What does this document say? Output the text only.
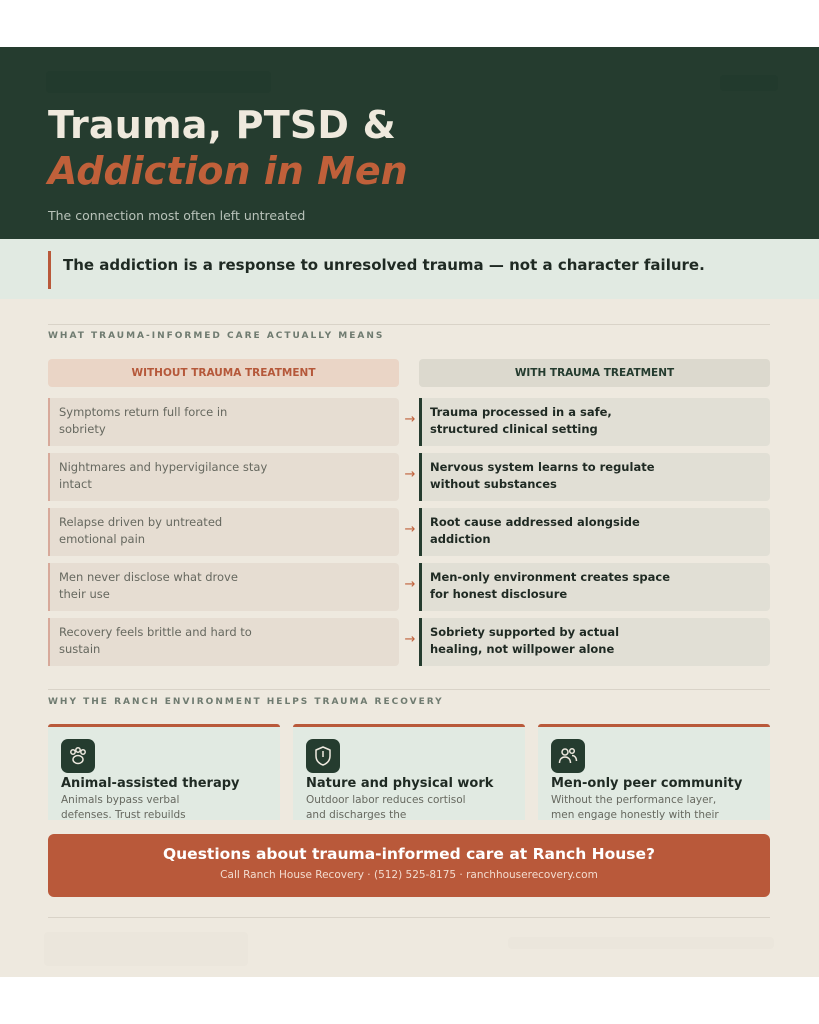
Trauma, PTSD &
Addiction in Men
The connection most often left untreated
The addiction is a response to unresolved trauma — not a character failure.
WHAT TRAUMA-INFORMED CARE ACTUALLY MEANS
WITHOUT TRAUMA TREATMENT	WITH TRAUMA TREATMENT
Symptoms return full force in
sobriety
→ Trauma processed in a safe,
structured clinical setting
Nightmares and hypervigilance stay
intact
→ Nervous system learns to regulate
without substances
Relapse driven by untreated
emotional pain
→ Root cause addressed alongside
addiction
Men never disclose what drove
their use
→ Men-only environment creates space
for honest disclosure
Recovery feels brittle and hard to
sustain
→ Sobriety supported by actual
healing, not willpower alone
WHY THE RANCH ENVIRONMENT HELPS TRAUMA RECOVERY
Animal-assisted therapy
Animals bypass verbal
defenses. Trust rebuilds
Nature and physical work
Outdoor labor reduces cortisol
and discharges the
Men-only peer community
Without the performance layer,
men engage honestly with their
Questions about trauma-informed care at Ranch House?
Call Ranch House Recovery · (512) 525-8175 · ranchhouserecovery.com
